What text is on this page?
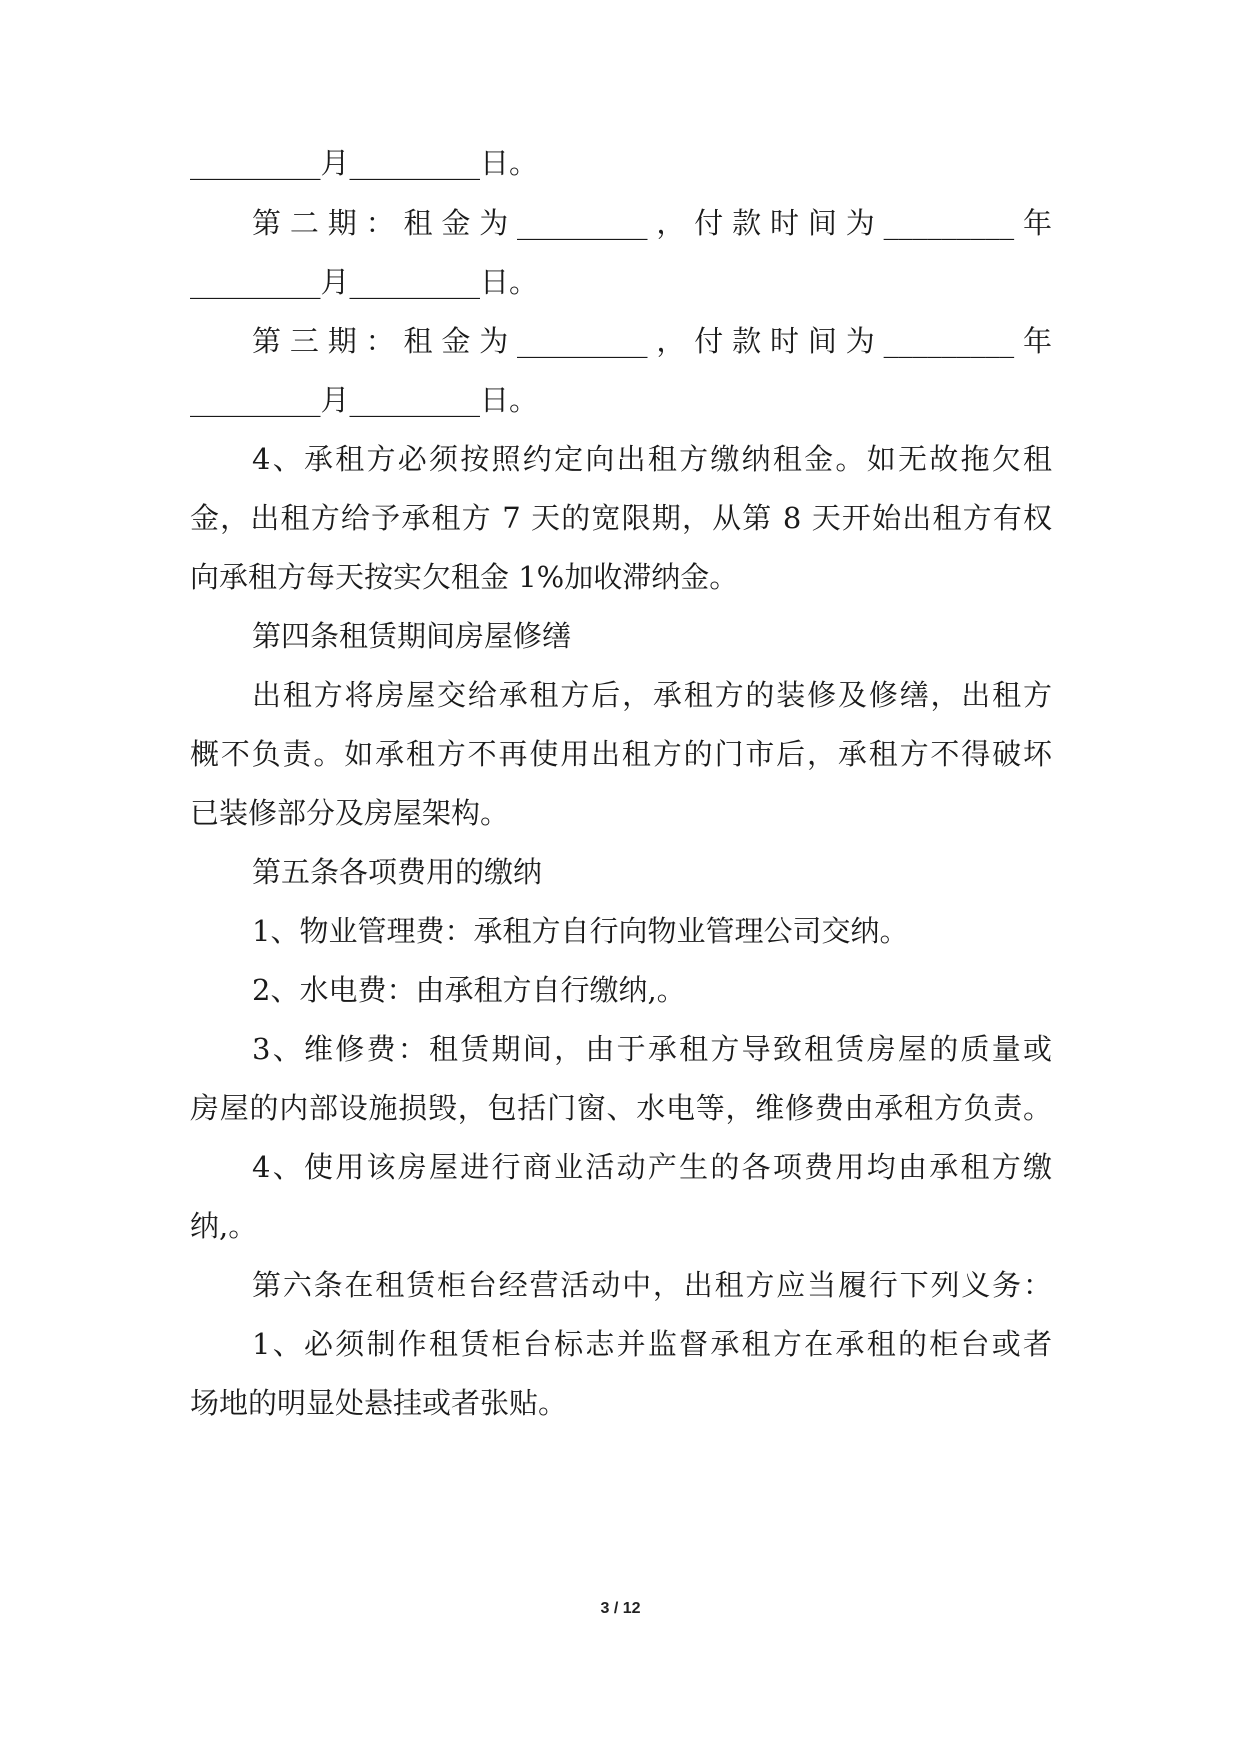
_________月_________日。
第二期：租金为_________，付款时间为_________年
_________月_________日。
第三期：租金为_________，付款时间为_________年
_________月_________日。
4、承租方必须按照约定向出租方缴纳租金。如无故拖欠租
金，出租方给予承租方 7 天的宽限期，从第 8 天开始出租方有权
向承租方每天按实欠租金 1%加收滞纳金。
第四条租赁期间房屋修缮
出租方将房屋交给承租方后，承租方的装修及修缮，出租方
概不负责。如承租方不再使用出租方的门市后，承租方不得破坏
已装修部分及房屋架构。
第五条各项费用的缴纳
1、物业管理费：承租方自行向物业管理公司交纳。
2、水电费：由承租方自行缴纳,。
3、维修费：租赁期间，由于承租方导致租赁房屋的质量或
房屋的内部设施损毁，包括门窗、水电等，维修费由承租方负责。
4、使用该房屋进行商业活动产生的各项费用均由承租方缴
纳,。
第六条在租赁柜台经营活动中，出租方应当履行下列义务：
1、必须制作租赁柜台标志并监督承租方在承租的柜台或者
场地的明显处悬挂或者张贴。
3 / 12
